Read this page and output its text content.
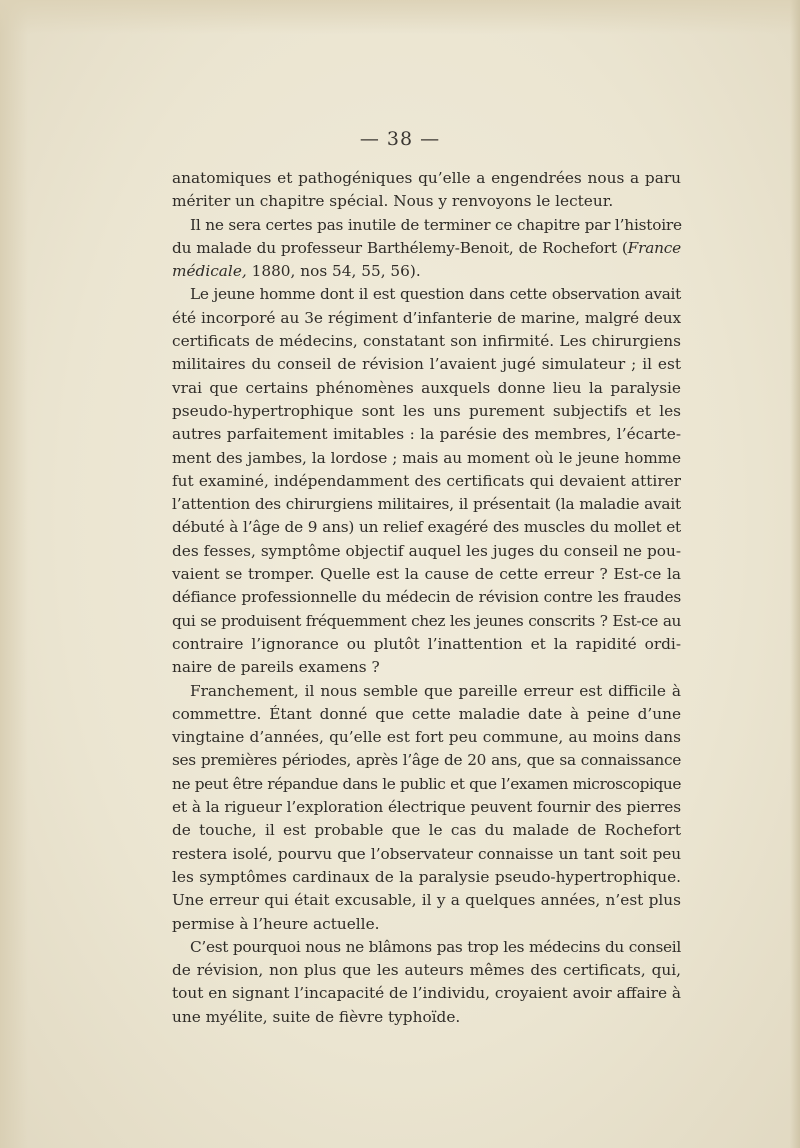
— 38 —
anatomiques et pathogéniques qu’elle a engendrées nous a paru
mériter un chapitre spécial. Nous y renvoyons le lecteur.
Il ne sera certes pas inutile de terminer ce chapitre par l’histoire
du malade du professeur Barthélemy-Benoit, de Rochefort (France
médicale, 1880, nos 54, 55, 56).
Le jeune homme dont il est question dans cette observation avait
été incorporé au 3e régiment d’infanterie de marine, malgré deux
certificats de médecins, constatant son infirmité. Les chirurgiens
militaires du conseil de révision l’avaient jugé simulateur ; il est
vrai que certains phénomènes auxquels donne lieu la paralysie
pseudo-hypertrophique sont les uns purement subjectifs et les
autres parfaitement imitables : la parésie des membres, l’écarte-
ment des jambes, la lordose ; mais au moment où le jeune homme
fut examiné, indépendamment des certificats qui devaient attirer
l’attention des chirurgiens militaires, il présentait (la maladie avait
débuté à l’âge de 9 ans) un relief exagéré des muscles du mollet et
des fesses, symptôme objectif auquel les juges du conseil ne pou-
vaient se tromper. Quelle est la cause de cette erreur ? Est-ce la
défiance professionnelle du médecin de révision contre les fraudes
qui se produisent fréquemment chez les jeunes conscrits ? Est-ce au
contraire l’ignorance ou plutôt l’inattention et la rapidité ordi-
naire de pareils examens ?
Franchement, il nous semble que pareille erreur est difficile à
commettre. Étant donné que cette maladie date à peine d’une
vingtaine d’années, qu’elle est fort peu commune, au moins dans
ses premières périodes, après l’âge de 20 ans, que sa connaissance
ne peut être répandue dans le public et que l’examen microscopique
et à la rigueur l’exploration électrique peuvent fournir des pierres
de touche, il est probable que le cas du malade de Rochefort
restera isolé, pourvu que l’observateur connaisse un tant soit peu
les symptômes cardinaux de la paralysie pseudo-hypertrophique.
Une erreur qui était excusable, il y a quelques années, n’est plus
permise à l’heure actuelle.
C’est pourquoi nous ne blâmons pas trop les médecins du conseil
de révision, non plus que les auteurs mêmes des certificats, qui,
tout en signant l’incapacité de l’individu, croyaient avoir affaire à
une myélite, suite de fièvre typhoïde.
